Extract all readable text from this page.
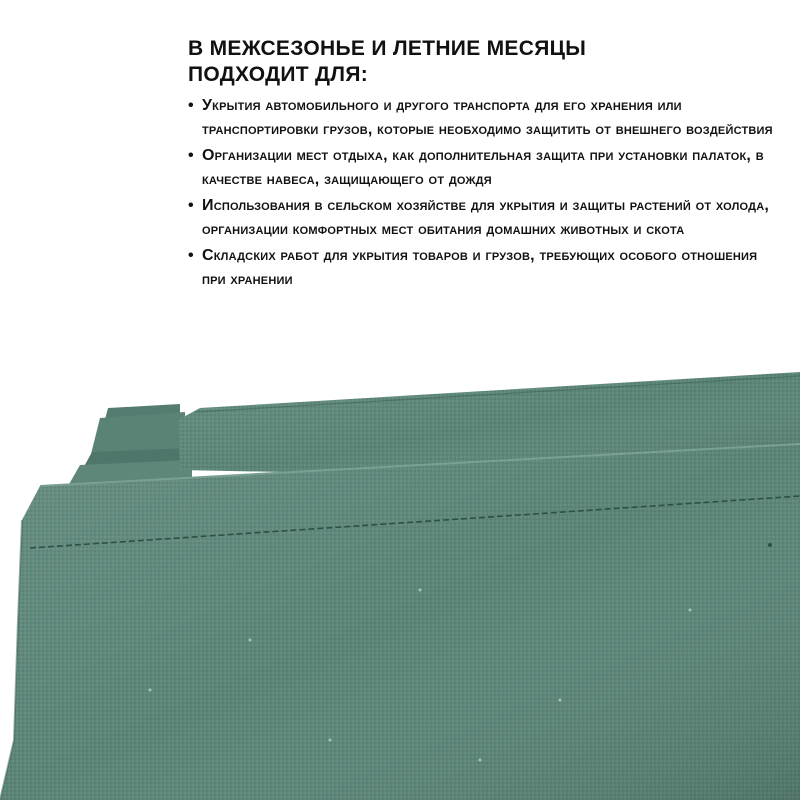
В МЕЖСЕЗОНЬЕ И ЛЕТНИЕ МЕСЯЦЫ
ПОДХОДИТ ДЛЯ:
• Укрытия автомобильного и другого транспорта для его хранения или транспортировки грузов, которые необходимо защитить от внешнего воздействия
• Организации мест отдыха, как дополнительная защита при установки палаток, в качестве навеса, защищающего от дождя
• Использования в сельском хозяйстве для укрытия и защиты растений от холода, организации комфортных мест обитания домашних животных и скота
• Складских работ для укрытия товаров и грузов, требующих особого отношения при хранении
